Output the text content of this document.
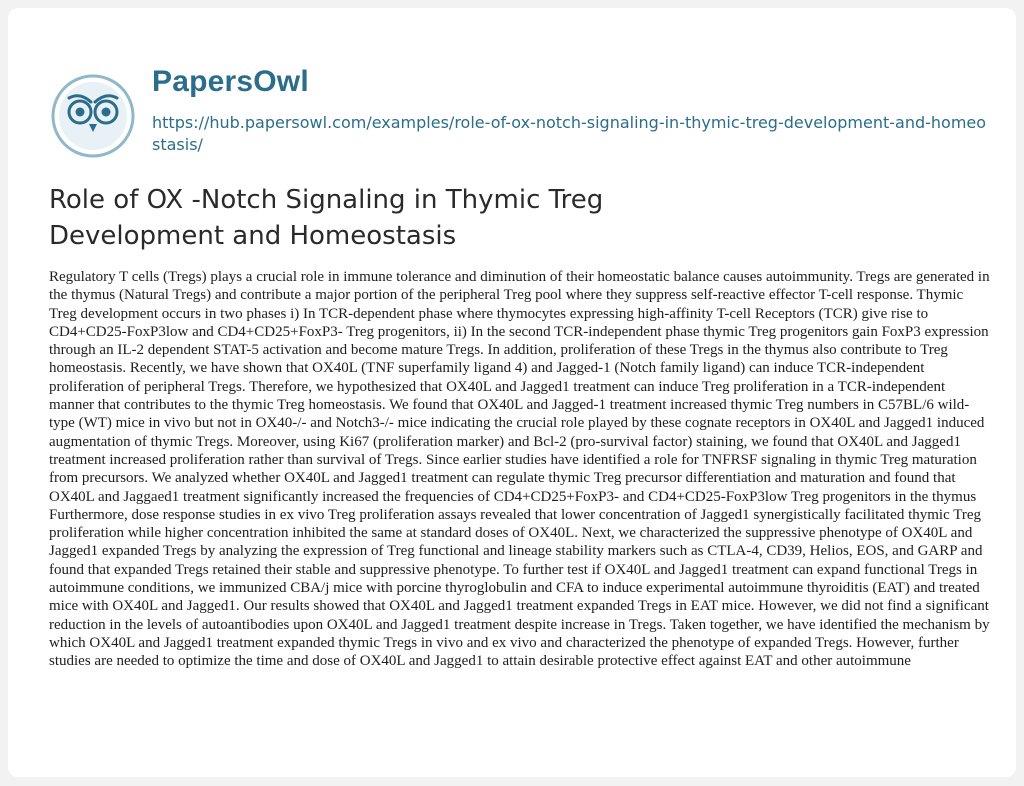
PapersOwl
https://hub.papersowl.com/examples/role-of-ox-notch-signaling-in-thymic-treg-development-and-homeostasis/
Role of OX -Notch Signaling in Thymic Treg Development and Homeostasis

Regulatory T cells (Tregs) plays a crucial role in immune tolerance and diminution of their homeostatic balance causes autoimmunity. Tregs are generated in the thymus (Natural Tregs) and contribute a major portion of the peripheral Treg pool where they suppress self-reactive effector T-cell response. Thymic Treg development occurs in two phases i) In TCR-dependent phase where thymocytes expressing high-affinity T-cell Receptors (TCR) give rise to CD4+CD25-FoxP3low and CD4+CD25+FoxP3- Treg progenitors, ii) In the second TCR-independent phase thymic Treg progenitors gain FoxP3 expression through an IL-2 dependent STAT-5 activation and become mature Tregs. In addition, proliferation of these Tregs in the thymus also contribute to Treg homeostasis. Recently, we have shown that OX40L (TNF superfamily ligand 4) and Jagged-1 (Notch family ligand) can induce TCR-independent proliferation of peripheral Tregs. Therefore, we hypothesized that OX40L and Jagged1 treatment can induce Treg proliferation in a TCR-independent manner that contributes to the thymic Treg homeostasis. We found that OX40L and Jagged-1 treatment increased thymic Treg numbers in C57BL/6 wild-type (WT) mice in vivo but not in OX40-/- and Notch3-/- mice indicating the crucial role played by these cognate receptors in OX40L and Jagged1 induced augmentation of thymic Tregs. Moreover, using Ki67 (proliferation marker) and Bcl-2 (pro-survival factor) staining, we found that OX40L and Jagged1 treatment increased proliferation rather than survival of Tregs. Since earlier studies have identified a role for TNFRSF signaling in thymic Treg maturation from precursors. We analyzed whether OX40L and Jagged1 treatment can regulate thymic Treg precursor differentiation and maturation and found that OX40L and Jaggaed1 treatment significantly increased the frequencies of CD4+CD25+FoxP3- and CD4+CD25-FoxP3low Treg progenitors in the thymus Furthermore, dose response studies in ex vivo Treg proliferation assays revealed that lower concentration of Jagged1 synergistically facilitated thymic Treg proliferation while higher concentration inhibited the same at standard doses of OX40L. Next, we characterized the suppressive phenotype of OX40L and Jagged1 expanded Tregs by analyzing the expression of Treg functional and lineage stability markers such as CTLA-4, CD39, Helios, EOS, and GARP and found that expanded Tregs retained their stable and suppressive phenotype. To further test if OX40L and Jagged1 treatment can expand functional Tregs in autoimmune conditions, we immunized CBA/j mice with porcine thyroglobulin and CFA to induce experimental autoimmune thyroiditis (EAT) and treated mice with OX40L and Jagged1. Our results showed that OX40L and Jagged1 treatment expanded Tregs in EAT mice. However, we did not find a significant reduction in the levels of autoantibodies upon OX40L and Jagged1 treatment despite increase in Tregs. Taken together, we have identified the mechanism by which OX40L and Jagged1 treatment expanded thymic Tregs in vivo and ex vivo and characterized the phenotype of expanded Tregs. However, further studies are needed to optimize the time and dose of OX40L and Jagged1 to attain desirable protective effect against EAT and other autoimmune
